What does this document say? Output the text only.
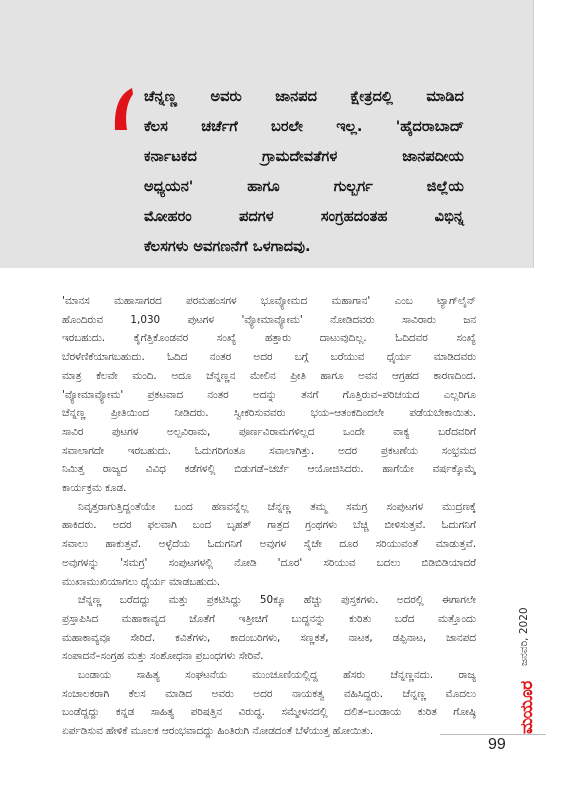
ಚೆನ್ನಣ್ಣ ಅವರು ಜಾನಪದ ಕ್ಷೇತ್ರದಲ್ಲಿ ಮಾಡಿದ
ಕೆಲಸ ಚರ್ಚೆಗೆ ಬರಲೇ ಇಲ್ಲ. 'ಹೈದರಾಬಾದ್
ಕರ್ನಾಟಕದ ಗ್ರಾಮದೇವತೆಗಳ ಜಾನಪದೀಯ
ಅಧ್ಯಯನ' ಹಾಗೂ ಗುಲ್ಬರ್ಗ ಜಿಲ್ಲೆಯ
ಮೋಹರಂ ಪದಗಳ ಸಂಗ್ರಹದಂತಹ ವಿಭಿನ್ನ
ಕೆಲಸಗಳು ಅವಗಣನೆಗೆ ಒಳಗಾದವು.

'ಮಾನಸ ಮಹಾಸಾಗರದ ಪರಮಹಂಸಗಳ ಭೂವ್ಯೋಮದ ಮಹಾಗಾನ' ಎಂಬ ಟ್ಯಾಗ್‌ಲೈನ್
ಹೊಂದಿರುವ 1,030 ಪುಟಗಳ 'ವ್ಯೋಮಾವ್ಯೋಮ' ನೋಡಿದವರು ಸಾವಿರಾರು ಜನ
ಇರಬಹುದು. ಕೈಗೆತ್ತಿಕೊಂಡವರ ಸಂಖ್ಯೆ ಹತ್ತಾರು ದಾಟುವುದಿಲ್ಲ. ಓದಿದವರ ಸಂಖ್ಯೆ
ಬೆರಳೆಣಿಕೆಯಾಗಬಹುದು. ಓದಿದ ನಂತರ ಅದರ ಬಗ್ಗೆ ಬರೆಯುವ ಧೈರ್ಯ ಮಾಡಿದವರು
ಮಾತ್ರ ಕೆಲವೇ ಮಂದಿ. ಅದೂ ಚೆನ್ನಣ್ಣನ ಮೇಲಿನ ಪ್ರೀತಿ ಹಾಗೂ ಅವನ ಆಗ್ರಹದ ಕಾರಣದಿಂದ.
'ವ್ಯೋಮಾವ್ಯೋಮ' ಪ್ರಕಟವಾದ ನಂತರ ಅದನ್ನು ತನಗೆ ಗೊತ್ತಿರುವ–ಪರಿಚಯದ ಎಲ್ಲರಿಗೂ
ಚೆನ್ನಣ್ಣ ಪ್ರೀತಿಯಿಂದ ನೀಡಿದರು. ಸ್ವೀಕರಿಸುವವರು ಭಯ–ಆತಂಕದಿಂದಲೇ ಪಡೆಯಬೇಕಾಯಿತು.
ಸಾವಿರ ಪುಟಗಳ ಅಲ್ಪವಿರಾಮ, ಪೂರ್ಣವಿರಾಮಗಳಿಲ್ಲದ ಒಂದೇ ವಾಕ್ಯ ಬರೆದವರಿಗೆ
ಸವಾಲಾಗದೇ ಇರಬಹುದು. ಓದುಗರಿಗಂತೂ ಸವಾಲಾಗಿತ್ತು. ಅದರ ಪ್ರಕಟಣೆಯ ಸಂಭ್ರಮದ
ನಿಮಿತ್ತ ರಾಜ್ಯದ ವಿವಿಧ ಕಡೆಗಳಲ್ಲಿ ಬಿಡುಗಡೆ–ಚರ್ಚೆ ಆಯೋಜಿಸಿದರು. ಹಾಗೆಯೇ ವರ್ಷಕ್ಕೊಮ್ಮೆ
ಕಾರ್ಯಕ್ರಮ ಕೂಡ.

ನಿವೃತ್ತರಾಗುತ್ತಿದ್ದಂತೆಯೇ ಬಂದ ಹಣವನ್ನೆಲ್ಲ ಚೆನ್ನಣ್ಣ ತಮ್ಮ ಸಮಗ್ರ ಸಂಪುಟಗಳ ಮುದ್ರಣಕ್ಕೆ
ಹಾಕಿದರು. ಅದರ ಫಲವಾಗಿ ಬಂದ ಬೃಹತ್ ಗಾತ್ರದ ಗ್ರಂಥಗಳು ಬೆಚ್ಚಿ ಬೀಳಿಸುತ್ತವೆ. ಓದುಗನಿಗೆ
ಸವಾಲು ಹಾಕುತ್ತವೆ. ಅಳ್ಳೆದೆಯ ಓದುಗನಿಗೆ ಅವುಗಳ ಸೈಜೇ ದೂರ ಸರಿಯುವಂತೆ ಮಾಡುತ್ತವೆ.
ಅವುಗಳನ್ನು 'ಸಮಗ್ರ' ಸಂಪುಟಗಳಲ್ಲಿ ನೋಡಿ 'ದೂರ' ಸರಿಯುವ ಬದಲು ಬಿಡಿಬಿಡಿಯಾದರೆ
ಮುಖಾಮುಖಿಯಾಗಲು ಧೈರ್ಯ ಮಾಡಬಹುದು.

ಚೆನ್ನಣ್ಣ ಬರೆದದ್ದು ಮತ್ತು ಪ್ರಕಟಿಸಿದ್ದು 50ಕ್ಕೂ ಹೆಚ್ಚು ಪುಸ್ತಕಗಳು. ಅದರಲ್ಲಿ ಈಗಾಗಲೇ
ಪ್ರಸ್ತಾಪಿಸಿದ ಮಹಾಕಾವ್ಯದ ಜೊತೆಗೆ ಇತ್ತೀಚಿಗೆ ಬುದ್ಧನನ್ನು ಕುರಿತು ಬರೆದ ಮತ್ತೊಂದು
ಮಹಾಕಾವ್ಯವೂ ಸೇರಿದೆ. ಕವಿತೆಗಳು, ಕಾದಂಬರಿಗಳು, ಸಣ್ಣಕತೆ, ನಾಟಕ, ಡಪ್ಪಿನಾಟ, ಜಾನಪದ
ಸಂಪಾದನೆ–ಸಂಗ್ರಹ ಮತ್ತು ಸಂಶೋಧನಾ ಪ್ರಬಂಧಗಳು ಸೇರಿವೆ.

ಬಂಡಾಯ ಸಾಹಿತ್ಯ ಸಂಘಟನೆಯ ಮುಂಚೂಣಿಯಲ್ಲಿದ್ದ ಹೆಸರು ಚೆನ್ನಣ್ಣನದು. ರಾಜ್ಯ
ಸಂಚಾಲಕರಾಗಿ ಕೆಲಸ ಮಾಡಿದ ಅವರು ಅದರ ನಾಯಕತ್ವ ವಹಿಸಿದ್ದರು. ಚೆನ್ನಣ್ಣ ಮೊದಲು
ಬಂಡೆದ್ದದ್ದು ಕನ್ನಡ ಸಾಹಿತ್ಯ ಪರಿಷತ್ತಿನ ವಿರುದ್ಧ. ಸಮ್ಮೇಳನದಲ್ಲಿ ದಲಿತ–ಬಂಡಾಯ ಕುರಿತ ಗೋಷ್ಠಿ
ಏರ್ಪಡಿಸುವ ಹೇಳಿಕೆ ಮೂಲಕ ಆರಂಭವಾದದ್ದು ಹಿಂತಿರುಗಿ ನೋಡದಂತೆ ಬೆಳೆಯುತ್ತ ಹೋಯಿತು.

ಜನವರಿ, 2020
ಮಯೂರ
99
